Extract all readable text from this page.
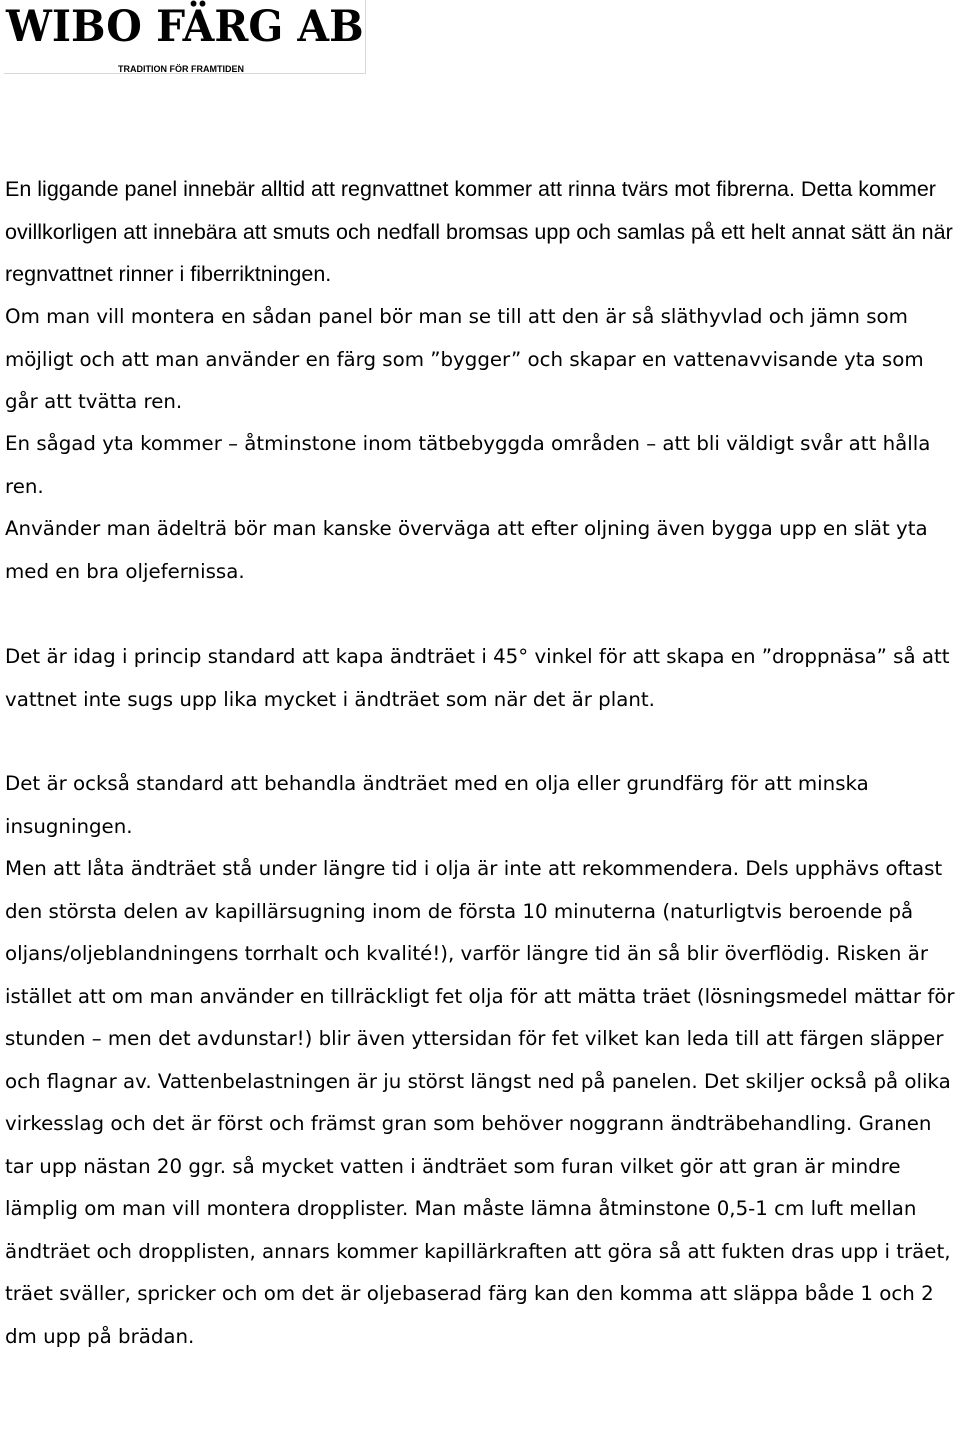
WIBO FÄRG AB
TRADITION FÖR FRAMTIDEN

En liggande panel innebär alltid att regnvattnet kommer att rinna tvärs mot fibrerna. Detta kommer ovillkorligen att innebära att smuts och nedfall bromsas upp och samlas på ett helt annat sätt än när regnvattnet rinner i fiberriktningen.

Om man vill montera en sådan panel bör man se till att den är så släthyvlad och jämn som möjligt och att man använder en färg som ”bygger” och skapar en vattenavvisande yta som går att tvätta ren.

En sågad yta kommer – åtminstone inom tätbebyggda områden – att bli väldigt svår att hålla ren.

Använder man ädelträ bör man kanske överväga att efter oljning även bygga upp en slät yta med en bra oljefernissa.

Det är idag i princip standard att kapa ändträet i 45° vinkel för att skapa en ”droppnäsa” så att vattnet inte sugs upp lika mycket i ändträet som när det är plant.

Det är också standard att behandla ändträet med en olja eller grundfärg för att minska insugningen.

Men att låta ändträet stå under längre tid i olja är inte att rekommendera. Dels upphävs oftast den största delen av kapillärsugning inom de första 10 minuterna (naturligtvis beroende på oljans/oljeblandningens torrhalt och kvalité!), varför längre tid än så blir överflödig. Risken är istället att om man använder en tillräckligt fet olja för att mätta träet (lösningsmedel mättar för stunden – men det avdunstar!) blir även yttersidan för fet vilket kan leda till att färgen släpper och flagnar av. Vattenbelastningen är ju störst längst ned på panelen. Det skiljer också på olika virkesslag och det är först och främst gran som behöver noggrann ändträbehandling. Granen tar upp nästan 20 ggr. så mycket vatten i ändträet som furan vilket gör att gran är mindre lämplig om man vill montera dropplister. Man måste lämna åtminstone 0,5-1 cm luft mellan ändträet och dropplisten, annars kommer kapillärkraften att göra så att fukten dras upp i träet, träet sväller, spricker och om det är oljebaserad färg kan den komma att släppa både 1 och 2 dm upp på brädan.
